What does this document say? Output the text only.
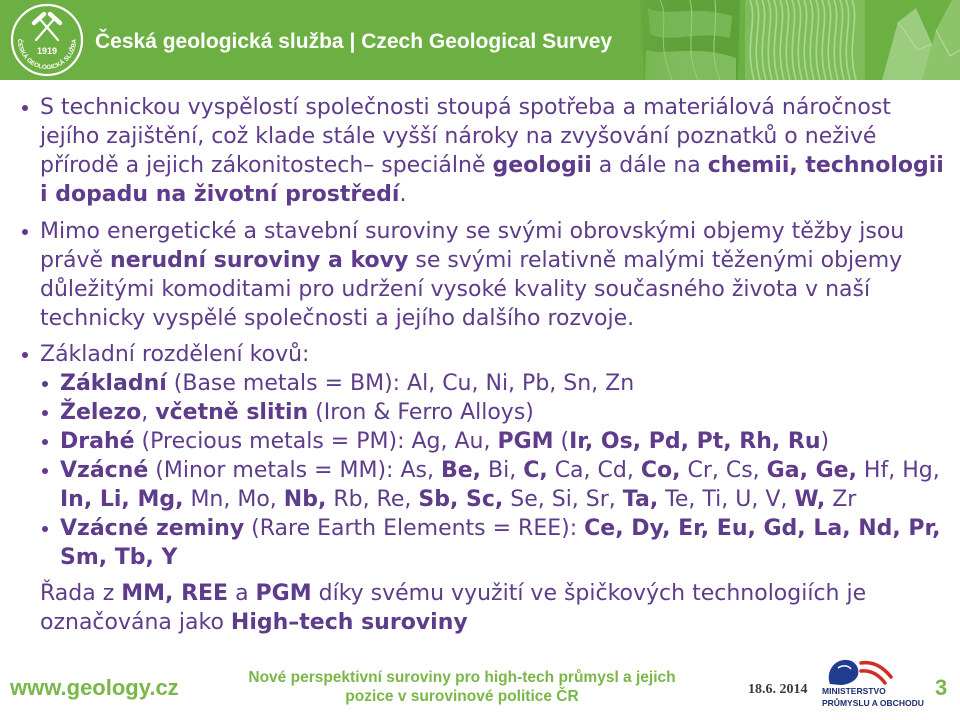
1919
ČESKÁ GEOLOGICKÁ SLUŽBA Česká geologická služba | Czech Geological Survey
S technickou vyspělostí společnosti stoupá spotřeba a materiálová náročnost jejího zajištění, což klade stále vyšší nároky na zvyšování poznatků o neživé přírodě a jejich zákonitostech– speciálně geologii a dále na chemii, technologii i dopadu na životní prostředí.
Mimo energetické a stavební suroviny se svými obrovskými objemy těžby jsou právě nerudní suroviny a kovy se svými relativně malými těženými objemy důležitými komoditami pro udržení vysoké kvality současného života v naší technicky vyspělé společnosti a jejího dalšího rozvoje.
Základní rozdělení kovů:
Základní (Base metals = BM): Al, Cu, Ni, Pb, Sn, Zn
Železo, včetně slitin (Iron & Ferro Alloys)
Drahé (Precious metals = PM): Ag, Au, PGM (Ir, Os, Pd, Pt, Rh, Ru)
Vzácné (Minor metals = MM): As, Be, Bi, C, Ca, Cd, Co, Cr, Cs, Ga, Ge, Hf, Hg, In, Li, Mg, Mn, Mo, Nb, Rb, Re, Sb, Sc, Se, Si, Sr, Ta, Te, Ti, U, V, W, Zr
Vzácné zeminy (Rare Earth Elements = REE): Ce, Dy, Er, Eu, Gd, La, Nd, Pr, Sm, Tb, Y
Řada z MM, REE a PGM díky svému využití ve špičkových technologiích je označována jako High–tech suroviny
www.geology.cz	Nové perspektivní suroviny pro high-tech průmysl a jejich
pozice v surovinové politice ČR	18.6. 2014 MINISTERSTVO
PRŮMYSLU A OBCHODU
3
